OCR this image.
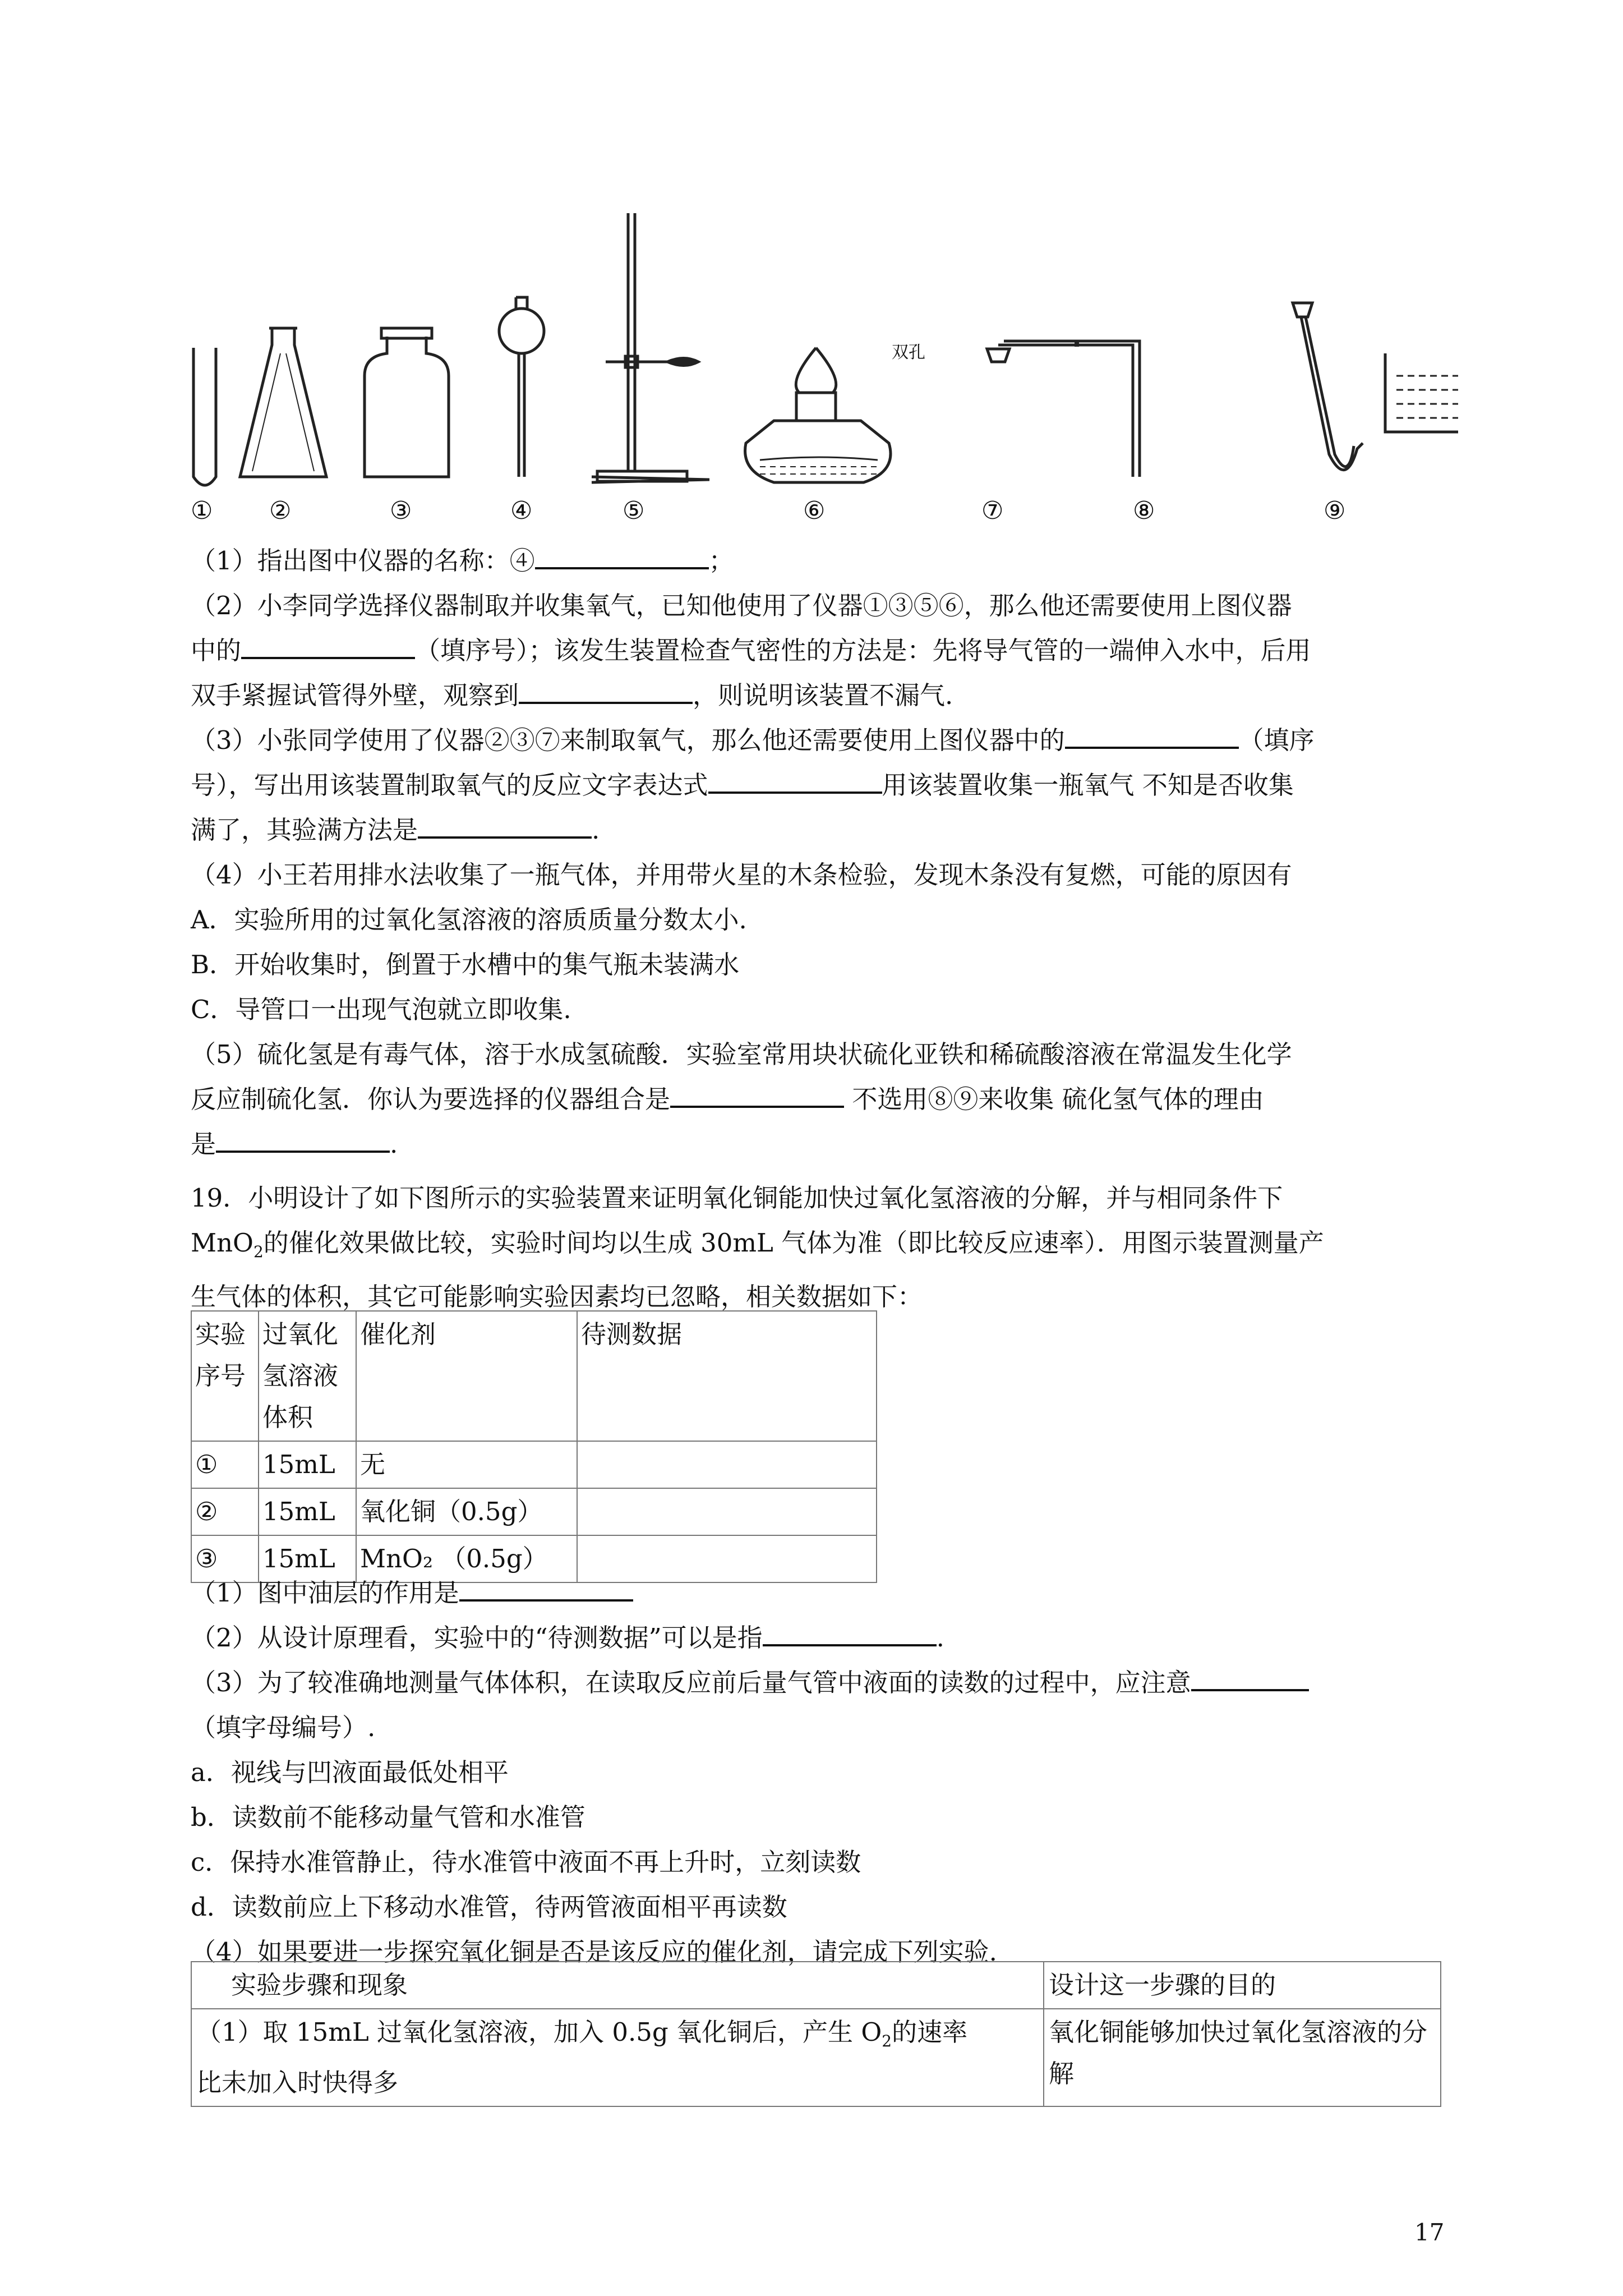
① ②	③	④	⑤	⑥	⑦	⑧	⑨
双孔

（1）指出图中仪器的名称：④	；

（2）小李同学选择仪器制取并收集氧气，已知他使用了仪器①③⑤⑥，那么他还需要使用上图仪器

中的	（填序号）；该发生装置检查气密性的方法是：先将导气管的一端伸入水中，后用

双手紧握试管得外壁，观察到	，则说明该装置不漏气.

（3）小张同学使用了仪器②③⑦来制取氧气，那么他还需要使用上图仪器中的	（填序

号），写出用该装置制取氧气的反应文字表达式	用该装置收集一瓶氧气 不知是否收集

满了，其验满方法是	.

（4）小王若用排水法收集了一瓶气体，并用带火星的木条检验，发现木条没有复燃，可能的原因有

A．实验所用的过氧化氢溶液的溶质质量分数太小.

B．开始收集时，倒置于水槽中的集气瓶未装满水

C．导管口一出现气泡就立即收集.

（5）硫化氢是有毒气体，溶于水成氢硫酸．实验室常用块状硫化亚铁和稀硫酸溶液在常温发生化学

反应制硫化氢．你认为要选择的仪器组合是	不选用⑧⑨来收集 硫化氢气体的理由

是	.

19．小明设计了如下图所示的实验装置来证明氧化铜能加快过氧化氢溶液的分解，并与相同条件下

MnO$_2$的催化效果做比较，实验时间均以生成 30mL 气体为准（即比较反应速率）．用图示装置测量产

生气体的体积，其它可能影响实验因素均已忽略，相关数据如下：

实验
序号	过氧化
氢溶液
体积	催化剂	待测数据
①	15mL	无	
②	15mL	氧化铜（0.5g）	
③	15mL	MnO₂ （0.5g）	

（1）图中油层的作用是

（2）从设计原理看，实验中的“待测数据”可以是指	.

（3）为了较准确地测量气体体积，在读取反应前后量气管中液面的读数的过程中，应注意

（填字母编号）.

a．视线与凹液面最低处相平

b．读数前不能移动量气管和水准管

c．保持水准管静止，待水准管中液面不再上升时，立刻读数

d．读数前应上下移动水准管，待两管液面相平再读数

（4）如果要进一步探究氧化铜是否是该反应的催化剂，请完成下列实验.

实验步骤和现象	设计这一步骤的目的
（1）取 15mL 过氧化氢溶液，加入 0.5g 氧化铜后，产生 $O_2$的速率
比未加入时快得多	氧化铜能够加快过氧化氢溶液的分解
17
